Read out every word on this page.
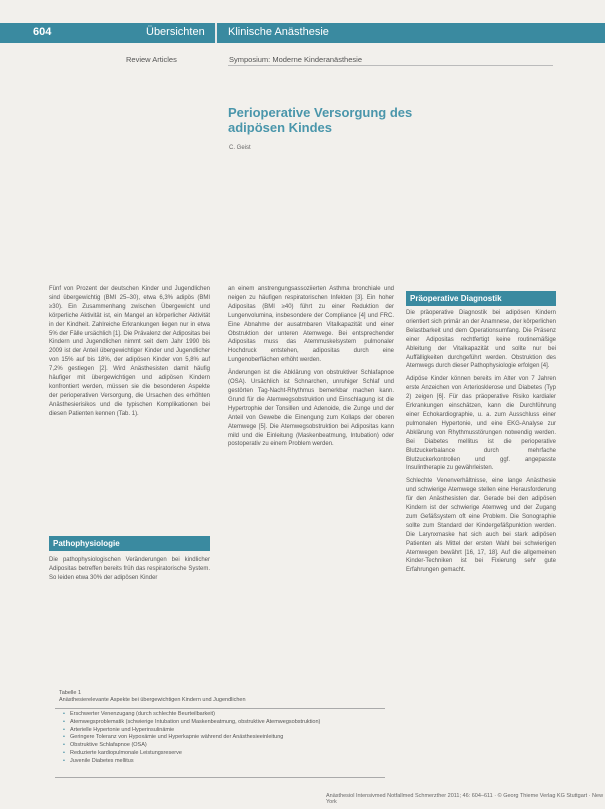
604	Übersichten Klinische Anästhesie
Review Articles	Symposium: Moderne Kinderanästhesie
Perioperative Versorgung des adipösen Kindes
C. Geist

Fünf von Prozent der deutschen Kinder und Jugendlichen sind übergewichtig (BMI 25–30), etwa 6,3% adipös (BMI ≥30). Ein Zusammenhang zwischen Übergewicht und körperliche Aktivität ist, ein Mangel an körperlicher Aktivität in der Kindheit. Zahlreiche Erkrankungen liegen nur in etwa 5% der Fälle ursächlich [1]. Die Prävalenz der Adipositas bei Kindern und Jugendlichen nimmt seit dem Jahr 1990 bis 2009 ist der Anteil übergewichtiger Kinder und Jugendlicher von 15% auf bis 18%, der adipösen Kinder von 5,8% auf 7,2% gestiegen [2]. Wird Anästhesisten damit häufig häufiger mit übergewichtigen und adipösen Kindern konfrontiert werden, müssen sie die besonderen Aspekte der perioperativen Versorgung, die Ursachen des erhöhten Anästhesierisikos und die typischen Komplikationen bei diesen Patienten kennen (Tab. 1).

Pathophysiologie

Die pathophysiologischen Veränderungen bei kindlicher Adipositas betreffen bereits früh das respiratorische System. So leiden etwa 30% der adipösen Kinder

an einem anstrengungsassoziierten Asthma bronchiale und neigen zu häufigen respiratorischen Infekten [3]. Ein hoher Adipositas (BMI ≥40) führt zu einer Reduktion der Lungenvolumina, insbesondere der Compliance [4] und FRC. Eine Abnahme der ausatmbaren Vitalkapazität und einer Obstruktion der unteren Atemwege. Bei entsprechender Adipositas muss das Atemmuskelsystem pulmonaler Hochdruck entstehen, adipositas durch eine Lungenoberflächen erhöht werden.

Änderungen ist die Abklärung von obstruktiver Schlafapnoe (OSA). Ursächlich ist Schnarchen, unruhiger Schlaf und gestörten Tag-Nacht-Rhythmus bemerkbar machen kann. Grund für die Atemwegsobstruktion und Einschlagung ist die Hypertrophie der Tonsillen und Adenoide, die Zunge und der Anteil von Gewebe die Einengung zum Kollaps der oberen Atemwege [5]. Die Atemwegsobstruktion bei Adipositas kann mild und die Einleitung (Maskenbeatmung, Intubation) oder postoperativ zu einem Problem werden.

Präoperative Diagnostik

Die präoperative Diagnostik bei adipösen Kindern orientiert sich primär an der Anamnese, der körperlichen Belastbarkeit und dem Operationsumfang. Die Präsenz einer Adipositas rechtfertigt keine routinemäßige Ableitung der Vitalkapazität und sollte nur bei Auffälligkeiten durchgeführt werden. Obstruktion des Atemwegs durch dieser Pathophysiologie erfolgen [4].

Adipöse Kinder können bereits im Alter von 7 Jahren erste Anzeichen von Arteriosklerose und Diabetes (Typ 2) zeigen [6]. Für das präoperative Risiko kardialer Erkrankungen einschätzen, kann die Durchführung einer Echokardiographie, u. a. zum Ausschluss einer pulmonalen Hypertonie, und eine EKG-Analyse zur Abklärung von Rhythmusstörungen notwendig werden. Bei Diabetes mellitus ist die perioperative Blutzuckerbalance durch mehrfache Blutzuckerkontrollen und ggf. angepasste Insulintherapie zu gewährleisten.

Schlechte Venenverhältnisse, eine lange Anästhesie und schwierige Atemwege stellen eine Herausforderung für den Anästhesisten dar. Gerade bei den adipösen Kindern ist der schwierige Atemweg und der Zugang zum Gefäßsystem oft eine Problem. Die Sonographie sollte zum Standard der Kindergefäßpunktion werden. Die Larynxmaske hat sich auch bei stark adipösen Patienten als Mittel der ersten Wahl bei schwierigen Atemwegen bewährt [16, 17, 18]. Auf die allgemeinen Kinder-Techniken ist bei Fixierung sehr gute Erfahrungen gemacht.

Tabelle 1
Anästhesierelevante Aspekte bei übergewichtigen Kindern und Jugendlichen
• Erschwerter Venenzugang (durch schlechte Beurteilbarkeit)
• Atemwegsproblematik (schwierige Intubation und Maskenbeatmung, obstruktive Atemwegsobstruktion)
• Arterielle Hypertonie und Hyperinsulinämie
• Geringere Toleranz von Hypoxämie und Hyperkapnie während der Anästhesieeinleitung
• Obstruktive Schlafapnoe (OSA)
• Reduzierte kardiopulmonale Leistungsreserve
• Juvenile Diabetes mellitus
Anästhesiol Intensivmed Notfallmed Schmerzther 2011; 46: 604–611 · © Georg Thieme Verlag KG Stuttgart · New York
